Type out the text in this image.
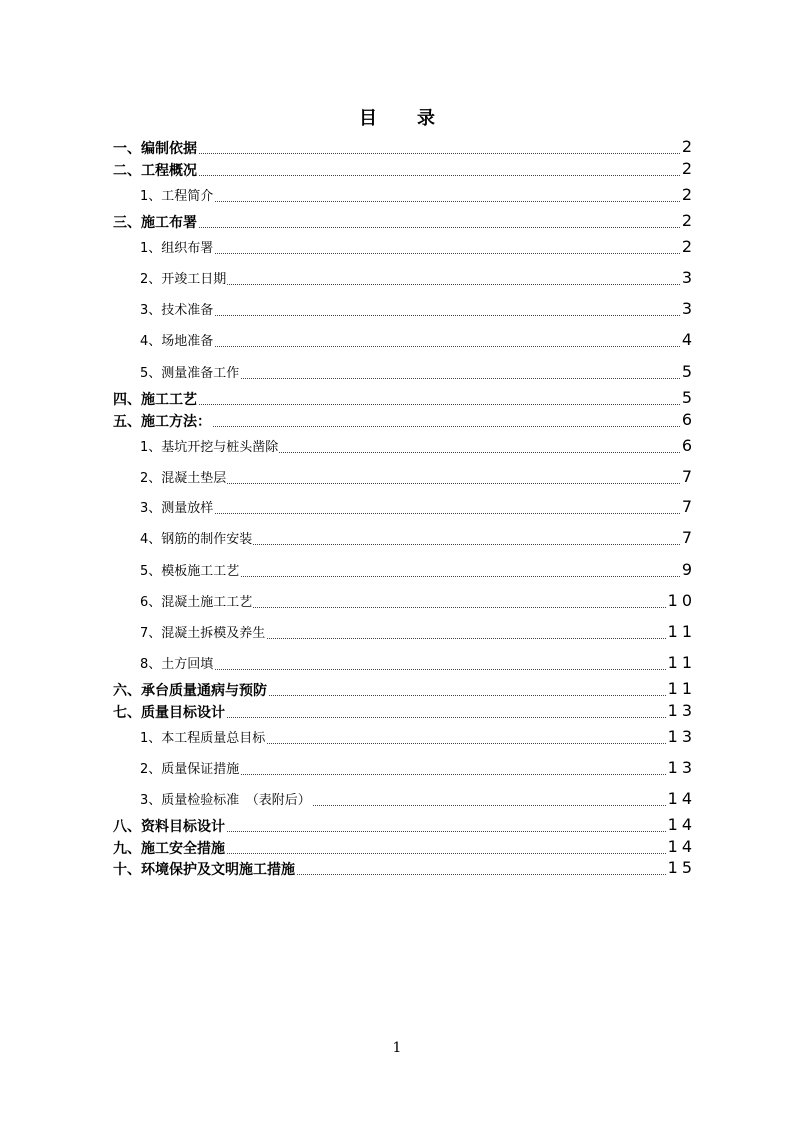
目 录
一、编制依据	2
二、工程概况	2
1、工程简介	2
三、施工布署	2
1、组织布署	2
2、开竣工日期	3
3、技术准备	3
4、场地准备	4
5、测量准备工作	5
四、施工工艺	5
五、施工方法：	6
1、基坑开挖与桩头凿除	6
2、混凝土垫层	7
3、测量放样	7
4、钢筋的制作安装	7
5、模板施工工艺	9
6、混凝土施工工艺	10
7、混凝土拆模及养生	11
8、土方回填	11
六、承台质量通病与预防	11
七、质量目标设计	13
1、本工程质量总目标	13
2、质量保证措施	13
3、质量检验标准　（表附后）	14
八、资料目标设计	14
九、施工安全措施	14
十、环境保护及文明施工措施	15
1
